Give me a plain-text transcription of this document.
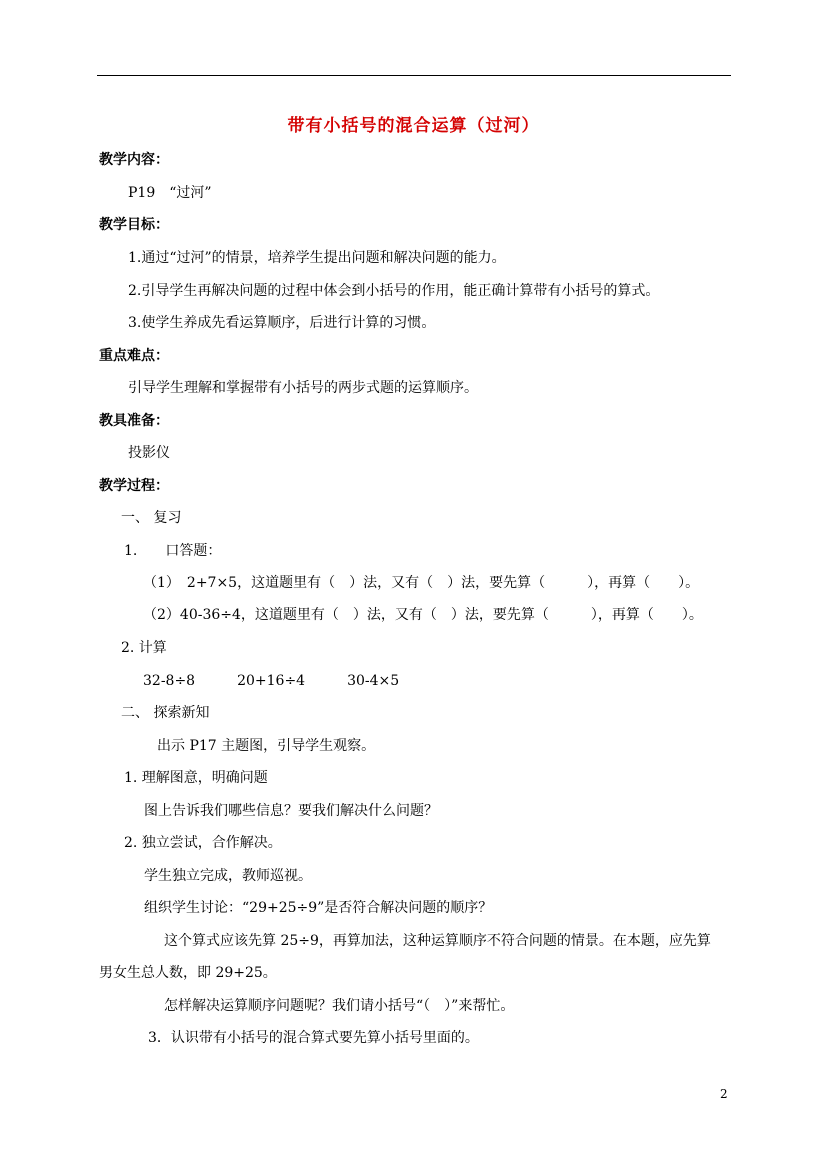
带有小括号的混合运算（过河）
教学内容：
P19　“过河”
教学目标：
1.通过“过河”的情景，培养学生提出问题和解决问题的能力。
2.引导学生再解决问题的过程中体会到小括号的作用，能正确计算带有小括号的算式。
3.使学生养成先看运算顺序，后进行计算的习惯。
重点难点：
引导学生理解和掌握带有小括号的两步式题的运算顺序。
教具准备：
投影仪
教学过程：
一、 复习
1.　　口答题：
（1）　2+7×5，这道题里有（　）法，又有（　）法，要先算（　　　），再算（　　）。
（2）40-36÷4，这道题里有（　）法，又有（　）法，要先算（　　　），再算（　　）。
2. 计算
32-8÷8　　　20+16÷4　　　30-4×5
二、 探索新知
出示 P17 主题图，引导学生观察。
1. 理解图意，明确问题
图上告诉我们哪些信息？要我们解决什么问题？
2. 独立尝试，合作解决。
学生独立完成，教师巡视。
组织学生讨论：“29+25÷9”是否符合解决问题的顺序？
这个算式应该先算 25÷9，再算加法，这种运算顺序不符合问题的情景。在本题，应先算
男女生总人数，即 29+25。
怎样解决运算顺序问题呢？我们请小括号“（　）”来帮忙。
3．认识带有小括号的混合算式要先算小括号里面的。
2
